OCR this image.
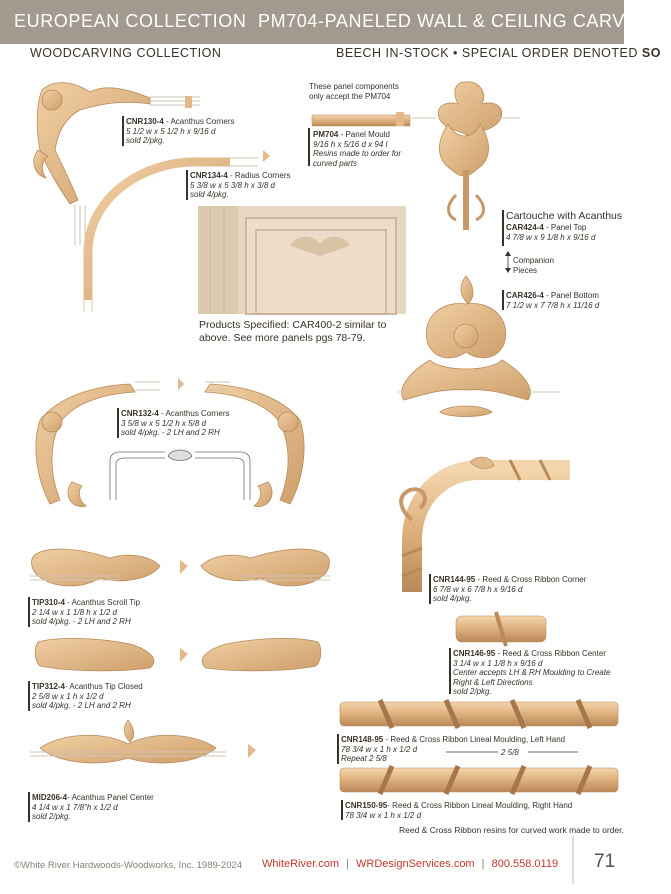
EUROPEAN COLLECTION PM704-PANELED WALL & CEILING CARVINGS
WOODCARVING COLLECTION	BEECH IN-STOCK • SPECIAL ORDER DENOTED SO
These panel components
only accept the PM704
PM704 - Panel Mould
9/16 h x 5/16 d x 94 l
Resins made to order for
curved parts
CNR130-4 - Acanthus Corners
5 1/2 w x 5 1/2 h x 9/16 d
sold 2/pkg.
CNR134-4 - Radius Corners
5 3/8 w x 5 3/8 h x 3/8 d
sold 4/pkg.
Products Specified: CAR400-2 similar to
above. See more panels pgs 78-79.
Cartouche with Acanthus
CAR424-4 - Panel Top
4 7/8 w x 9 1/8 h x 9/16 d
Companion
Pieces
CAR426-4 - Panel Bottom
7 1/2 w x 7 7/8 h x 11/16 d
CNR132-4 - Acanthus Corners
3 5/8 w x 5 1/2 h x 5/8 d
sold 4/pkg. - 2 LH and 2 RH
TIP310-4 - Acanthus Scroll Tip
2 1/4 w x 1 1/8 h x 1/2 d
sold 4/pkg. - 2 LH and 2 RH
TIP312-4- Acanthus Tip Closed
2 5/8 w x 1 h x 1/2 d
sold 4/pkg. - 2 LH and 2 RH
MID206-4- Acanthus Panel Center
4 1/4 w x 1 7/8"h x 1/2 d
sold 2/pkg.
CNR144-95 - Reed & Cross Ribbon Corner
6 7/8 w x 6 7/8 h x 9/16 d
sold 4/pkg.
CNR146-95 - Reed & Cross Ribbon Center
3 1/4 w x 1 1/8 h x 9/16 d
Center accepts LH & RH Moulding to Create
Right & Left Directions
sold 2/pkg.
CNR148-95 - Reed & Cross Ribbon Lineal Moulding, Left Hand
78 3/4 w x 1 h x 1/2 d
Repeat 2 5/8
2 5/8
CNR150-95- Reed & Cross Ribbon Lineal Moulding, Right Hand
78 3/4 w x 1 h x 1/2 d
Reed & Cross Ribbon resins for curved work made to order.
©White River Hardwoods-Woodworks, Inc. 1989-2024 WhiteRiver.com | WRDesignServices.com | 800.558.0119 71
